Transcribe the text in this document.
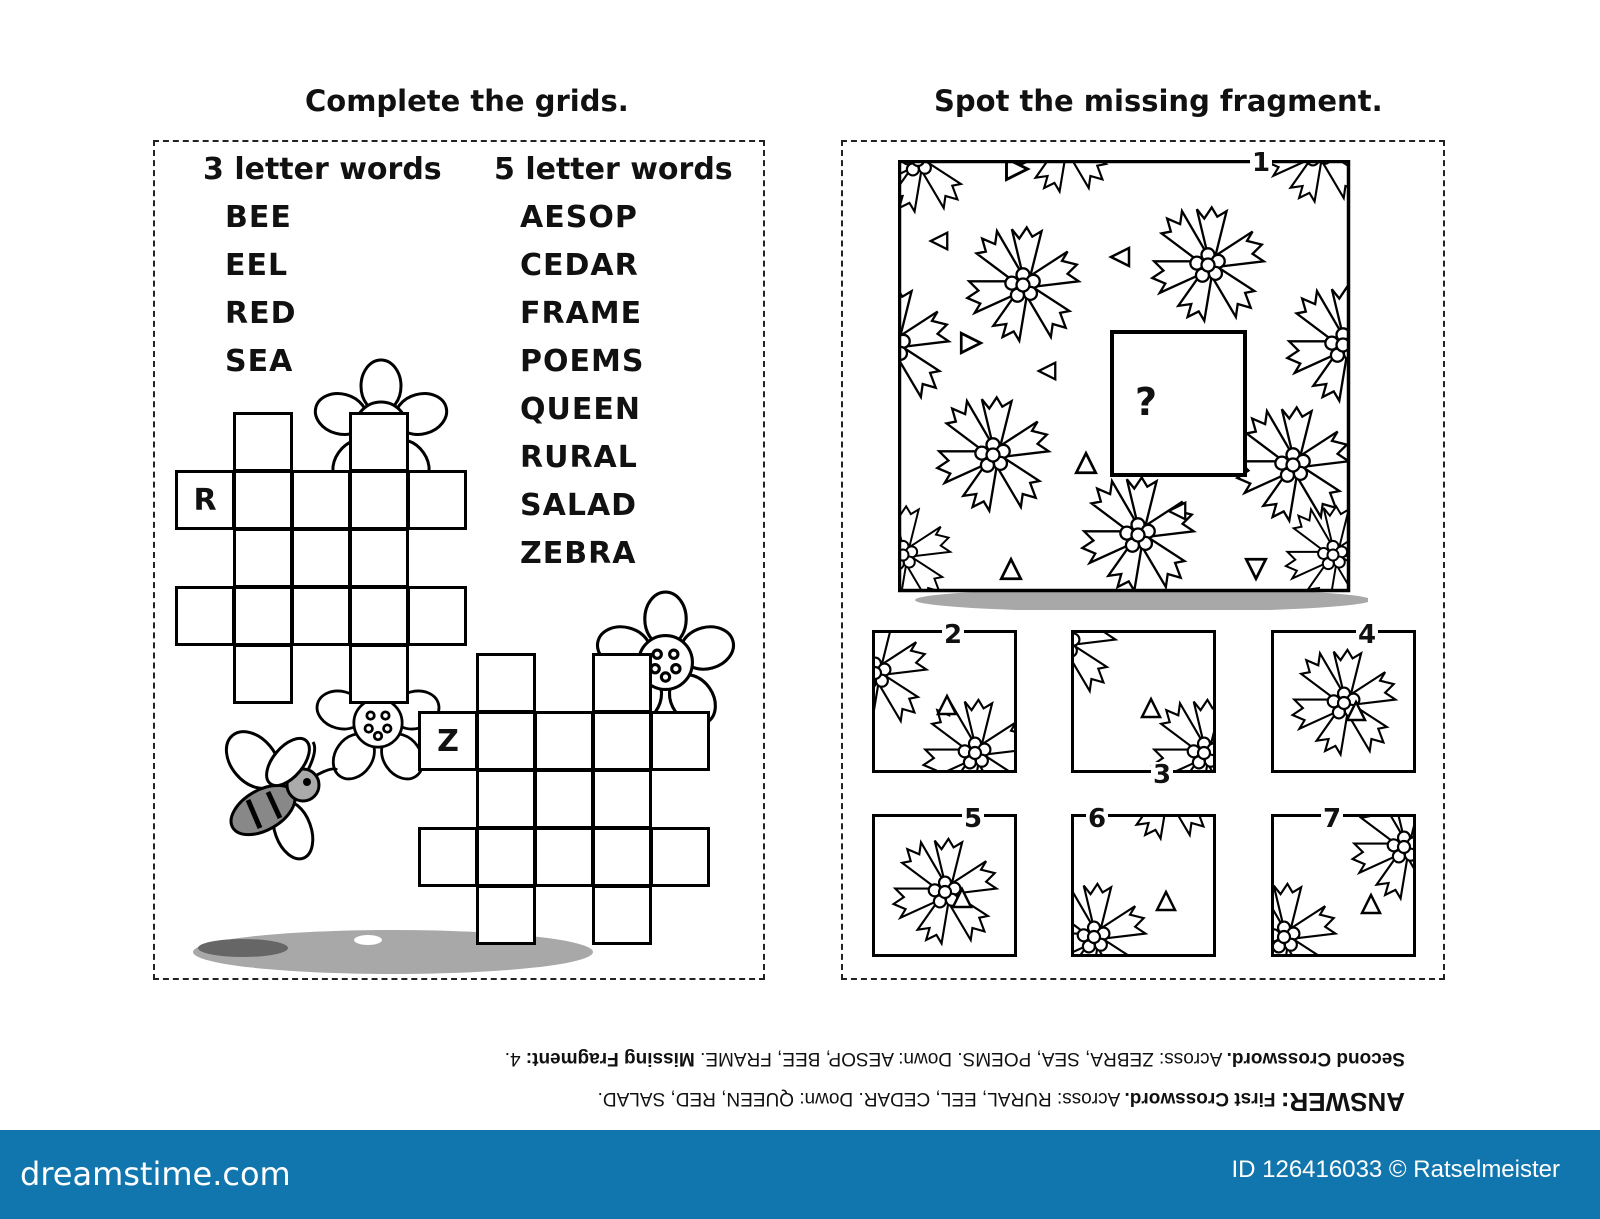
Complete the grids.	Spot the missing fragment.
3 letter words 5 letter words
BEE
EEL
RED
SEA
AESOP
CEDAR
FRAME
POEMS
QUEEN
RURAL
SALAD
ZEBRA
R
Z
?
1
2
3
4
5	6	7
ANSWER: First Crossword. Across: RURAL, EEL, CEDAR. Down: QUEEN, RED, SALAD.
Second Crossword. Across: ZEBRA, SEA, POEMS. Down: AESOP, BEE, FRAME. Missing Fragment: 4.
dreamstime.com	ID 126416033 © Ratselmeister
